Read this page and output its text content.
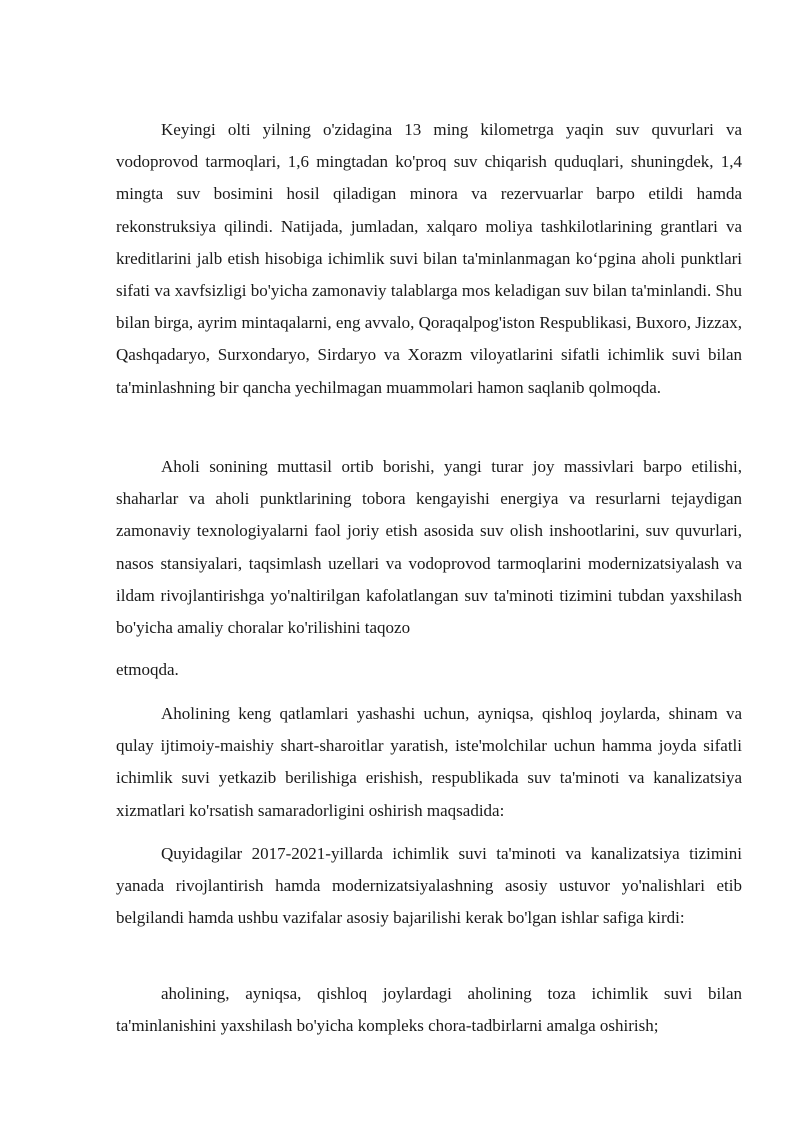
Keyingi olti yilning o'zidagina 13 ming kilometrga yaqin suv quvurlari va vodoprovod tarmoqlari, 1,6 mingtadan ko'proq suv chiqarish quduqlari, shuningdek, 1,4 mingta suv bosimini hosil qiladigan minora va rezervuarlar barpo etildi hamda rekonstruksiya qilindi. Natijada, jumladan, xalqaro moliya tashkilotlarining grantlari va kreditlarini jalb etish hisobiga ichimlik suvi bilan ta'minlanmagan koʻpgina aholi punktlari sifati va xavfsizligi bo'yicha zamonaviy talablarga mos keladigan suv bilan ta'minlandi. Shu bilan birga, ayrim mintaqalarni, eng avvalo, Qoraqalpog'iston Respublikasi, Buxoro, Jizzax, Qashqadaryo, Surxondaryo, Sirdaryo va Xorazm viloyatlarini sifatli ichimlik suvi bilan ta'minlashning bir qancha yechilmagan muammolari hamon saqlanib qolmoqda.

Aholi sonining muttasil ortib borishi, yangi turar joy massivlari barpo etilishi, shaharlar va aholi punktlarining tobora kengayishi energiya va resurlarni tejaydigan zamonaviy texnologiyalarni faol joriy etish asosida suv olish inshootlarini, suv quvurlari, nasos stansiyalari, taqsimlash uzellari va vodoprovod tarmoqlarini modernizatsiyalash va ildam rivojlantirishga yo'naltirilgan kafolatlangan suv ta'minoti tizimini tubdan yaxshilash bo'yicha amaliy choralar ko'rilishini taqozo

etmoqda.

Aholining keng qatlamlari yashashi uchun, ayniqsa, qishloq joylarda, shinam va qulay ijtimoiy-maishiy shart-sharoitlar yaratish, iste'molchilar uchun hamma joyda sifatli ichimlik suvi yetkazib berilishiga erishish, respublikada suv ta'minoti va kanalizatsiya xizmatlari ko'rsatish samaradorligini oshirish maqsadida:

Quyidagilar 2017-2021-yillarda ichimlik suvi ta'minoti va kanalizatsiya tizimini yanada rivojlantirish hamda modernizatsiyalashning asosiy ustuvor yo'nalishlari etib belgilandi hamda ushbu vazifalar asosiy bajarilishi kerak bo'lgan ishlar safiga kirdi:

aholining, ayniqsa, qishloq joylardagi aholining toza ichimlik suvi bilan ta'minlanishini yaxshilash bo'yicha kompleks chora-tadbirlarni amalga oshirish;
